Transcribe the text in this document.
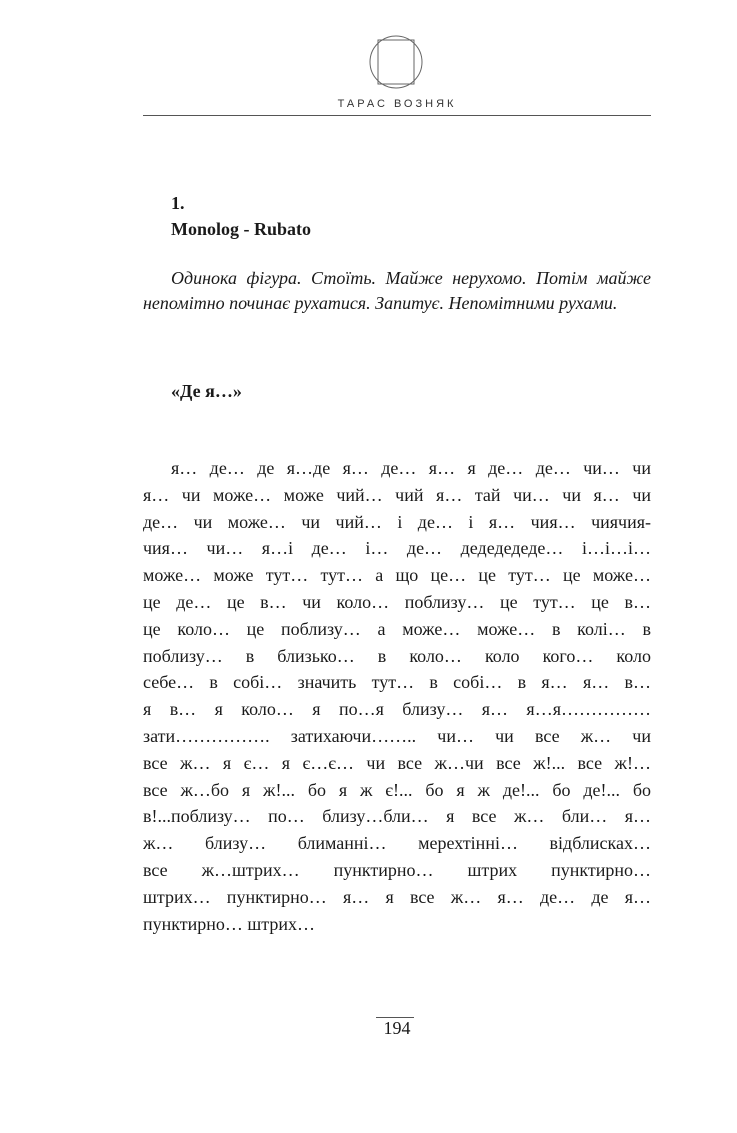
ТАРАС ВОЗНЯК
1.
Monolog - Rubato

Одинока фігура. Стоїть. Майже нерухомо. Потім майже непомітно починає рухатися. Запитує. Непомітними рухами.

«Де я…»
я… де… де я…де я… де… я… я де… де… чи… чи
я… чи може… може чий… чий я… тай чи… чи я… чи
де… чи може… чи чий… і де… і я… чия… чиячия-
чия… чи… я…і де… і… де… дедедедеде… і…і…і…
може… може тут… тут… а що це… це тут… це може…
це де… це в… чи коло… поблизу… це тут… це в…
це коло… це поблизу… а може… може… в колі… в
поблизу… в близько… в коло… коло кого… коло
себе… в собі… значить тут… в собі… в я… я… в…
я в… я коло… я по…я близу… я… я…я……………
зати……………. затихаючи…….. чи… чи все ж… чи
все ж… я є… я є…є… чи все ж…чи все ж!... все ж!…
все ж…бо я ж!... бо я ж є!... бо я ж де!... бо де!... бо
в!...поблизу… по… близу…бли… я все ж… бли… я…
ж… близу… блиманні… мерехтінні… відблисках…
все ж…штрих… пунктирно… штрих пунктирно…
штрих… пунктирно… я… я все ж… я… де… де я…
пунктирно… штрих…
194
